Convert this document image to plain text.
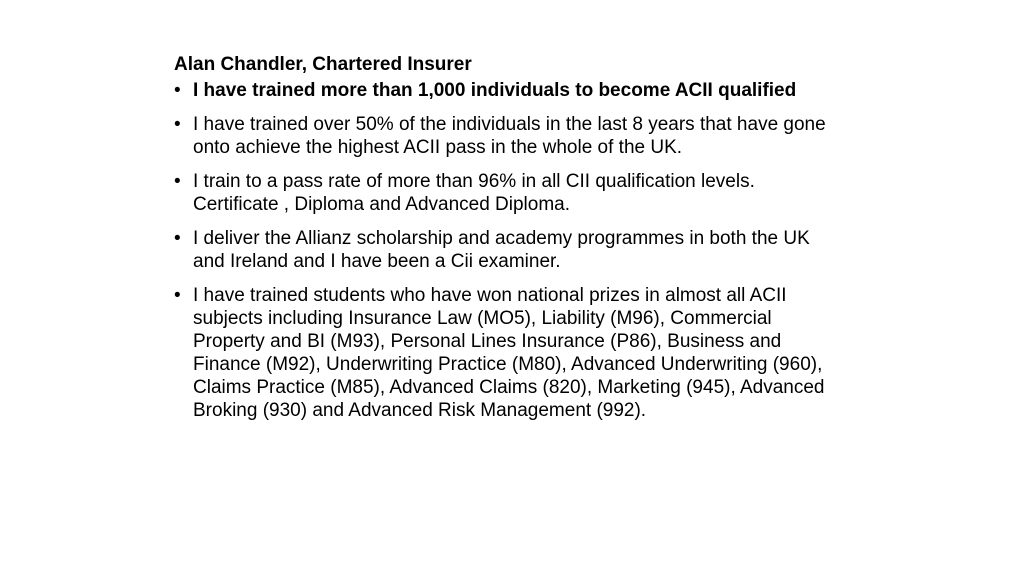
Alan Chandler, Chartered Insurer
• I have trained more than 1,000 individuals to become ACII qualified
• I have trained over 50% of the individuals in the last 8 years that have gone onto achieve the highest ACII pass in the whole of the UK.
• I train to a pass rate of more than 96% in all CII qualification levels. Certificate , Diploma and Advanced Diploma.
• I deliver the Allianz scholarship and academy programmes in both the UK and Ireland and I have been a Cii examiner.
• I have trained students who have won national prizes in almost all ACII subjects including Insurance Law (MO5), Liability (M96), Commercial Property and BI (M93), Personal Lines Insurance (P86), Business and Finance (M92), Underwriting Practice (M80), Advanced Underwriting (960), Claims Practice (M85), Advanced Claims (820), Marketing (945), Advanced Broking (930) and Advanced Risk Management (992).
